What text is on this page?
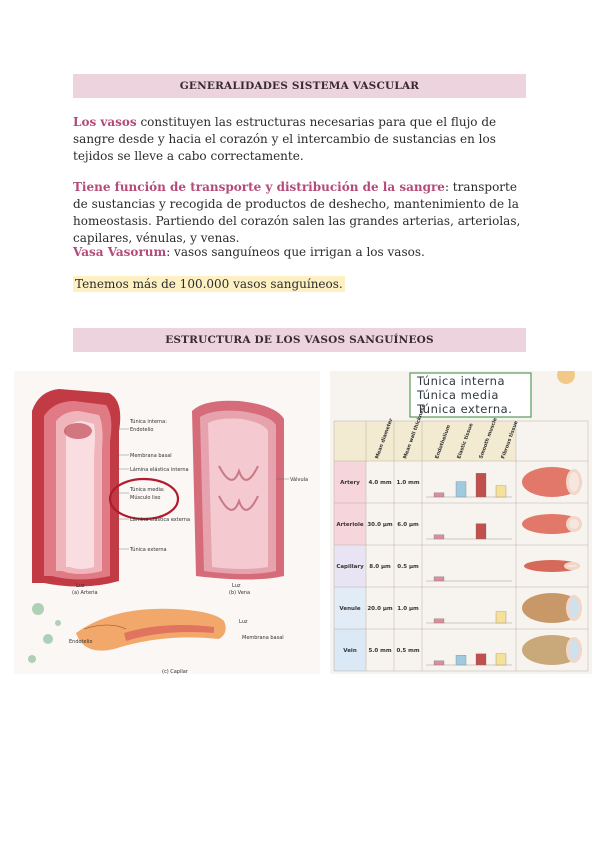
GENERALIDADES SISTEMA VASCULAR
Los vasos constituyen las estructuras necesarias para que el flujo de sangre desde y hacia el corazón y el intercambio de sustancias en los tejidos se lleve a cabo correctamente.
Tiene función de transporte y distribución de la sangre: transporte de sustancias y recogida de productos de deshecho, mantenimiento de la homeostasis. Partiendo del corazón salen las grandes arterias, arteriolas, capilares, vénulas, y venas.
Vasa Vasorum: vasos sanguíneos que irrigan a los vasos.
Tenemos más de 100.000 vasos sanguíneos.
ESTRUCTURA DE LOS VASOS SANGUÍNEOS
Túnica interna:
Endotelio
Membrana basal
Lámina elástica interna
Túnica media:
Músculo liso
Lámina elástica externa
Túnica externa
Válvula
Luz
(a) Arteria
Luz
(b) Vena
Luz
Membrana basal
Endotelio
(c) Capilar
Túnica interna
Túnica media
Túnica externa.
Mean diameter Mean wall thickness Endothelium Elastic tissue Smooth muscle Fibrous tissue
Artery 4.0 mm 1.0 mm
Arteriole 30.0 µm 6.0 µm
Capillary 8.0 µm 0.5 µm
Venule 20.0 µm 1.0 µm
Vein 5.0 mm 0.5 mm
